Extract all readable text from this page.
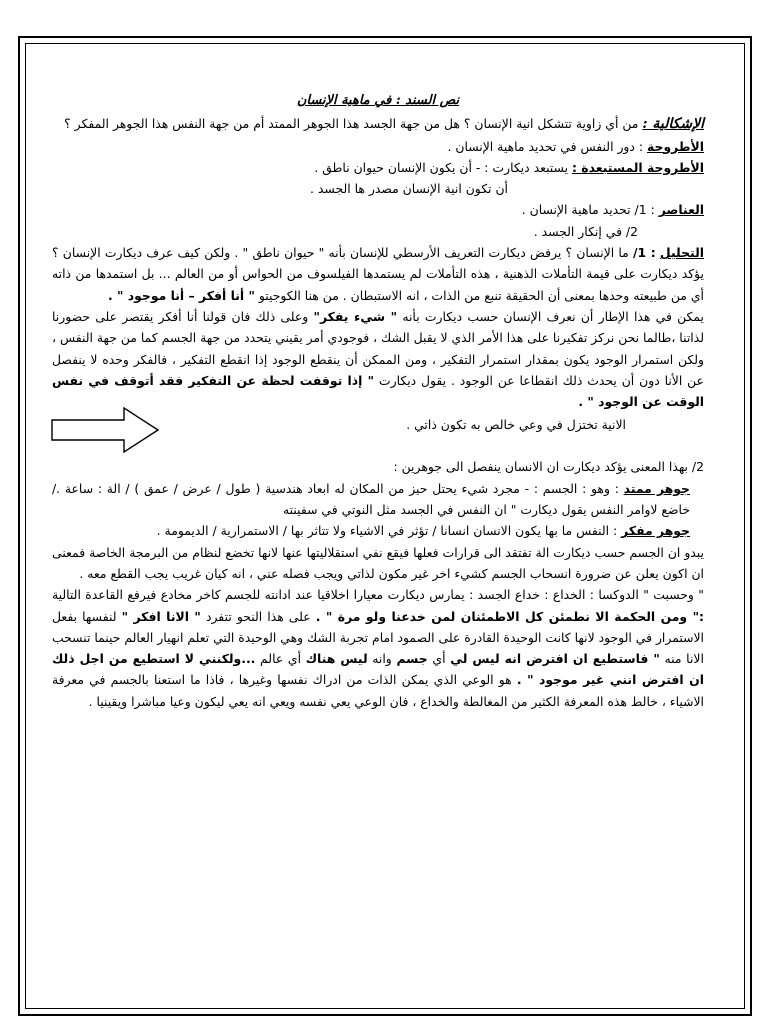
نص السند : في ماهية الإنسان

الإشكالية : من أي زاوية تتشكل انية الإنسان ؟ هل من جهة الجسد هذا الجوهر الممتد أم من جهة النفس هذا الجوهر المفكر ؟

الأطروحة : دور النفس في تحديد ماهية الإنسان .

الأطروحة المستبعدة : يستبعد ديكارت : - أن يكون الإنسان حيوان ناطق .

أن تكون انية الإنسان مصدر ها الجسد .

العناصر : 1/ تحديد ماهية الإنسان .

2/ في إنكار الجسد .

التحليل : 1/ ما الإنسان ؟ يرفض ديكارت التعريف الأرسطي للإنسان بأنه " حيوان ناطق " . ولكن كيف عرف ديكارت الإنسان ؟ يؤكد ديكارت على قيمة التأملات الذهنية ، هذه التأملات لم يستمدها الفيلسوف من الحواس أو من العالم ... بل استمدها من ذاته أي من طبيعته وحدها بمعنى أن الحقيقة تنبع من الذات ، انه الاستبطان . من هنا الكوجيتو " أنا أفكر – أنا موجود " .

يمكن في هذا الإطار أن نعرف الإنسان حسب ديكارت بأنه " شيء يفكر" وعلى ذلك فان قولنا أنا أفكر يقتصر على حضورنا لذاتنا ،طالما نحن نركز تفكيرنا على هذا الأمر الذي لا يقبل الشك ، فوجودي أمر يقيني يتحدد من جهة الجسم كما من جهة النفس ، ولكن استمرار الوجود يكون بمقدار استمرار التفكير ، ومن الممكن أن ينقطع الوجود إذا انقطع التفكير ، فالفكر وحده لا ينفصل عن الأنا دون أن يحدث ذلك انقطاعا عن الوجود . يقول ديكارت " إذا توقفت لحظة عن التفكير فقد أتوقف في نفس الوقت عن الوجود " .

الانية تختزل في وعي خالص به تكون ذاتي .

2/ بهذا المعنى يؤكد ديكارت ان الانسان ينفصل الى جوهرين :

جوهر ممتد : وهو : الجسم : - مجرد شيء يحتل حيز من المكان له ابعاد هندسية ( طول / عرض / عمق ) / الة : ساعة ./ خاضع لاوامر النفس يقول ديكارت " ان النفس في الجسد مثل النوتي في سفينته

جوهر مفكر : النفس ما بها يكون الانسان انسانا / تؤثر في الاشياء ولا تتاثر بها / الاستمرارية / الديمومة .

يبدو ان الجسم حسب ديكارت الة تفتقد الى قرارات فعلها فيقع نفي استقلاليتها عنها لانها تخضع لنظام من البرمجة الخاصة فمعنى ان اكون يعلن عن ضرورة انسحاب الجسم كشيء اخر غير مكون لذاتي ويجب فصله عني ، انه كيان غريب يجب القطع معه .

" وحسبت " الدوكسا : الخداع : خداع الجسد : يمارس ديكارت معيارا اخلاقيا عند ادانته للجسم كاخر مخادع فيرفع القاعدة التالية :" ومن الحكمة الا نطمئن كل الاطمئنان لمن خدعنا ولو مرة " . على هذا النحو تتفرد " الانا افكر " لنفسها بفعل الاستمرار في الوجود لانها كانت الوحيدة القادرة على الصمود امام تجربة الشك وهي الوحيدة التي تعلم انهيار العالم حينما تنسحب الانا منه " فاستطيع ان افترض انه ليس لي أي جسم وانه ليس هناك أي عالم ...ولكنني لا استطيع من اجل ذلك ان افترض انني غير موجود " . هو الوعي الذي يمكن الذات من ادراك نفسها وغيرها ، فاذا ما استعنا بالجسم في معرفة الاشياء ، خالط هذه المعرفة الكثير من المغالطة والخداع ، فان الوعي يعي نفسه ويعي انه يعي ليكون وعيا مباشرا ويقينيا .
